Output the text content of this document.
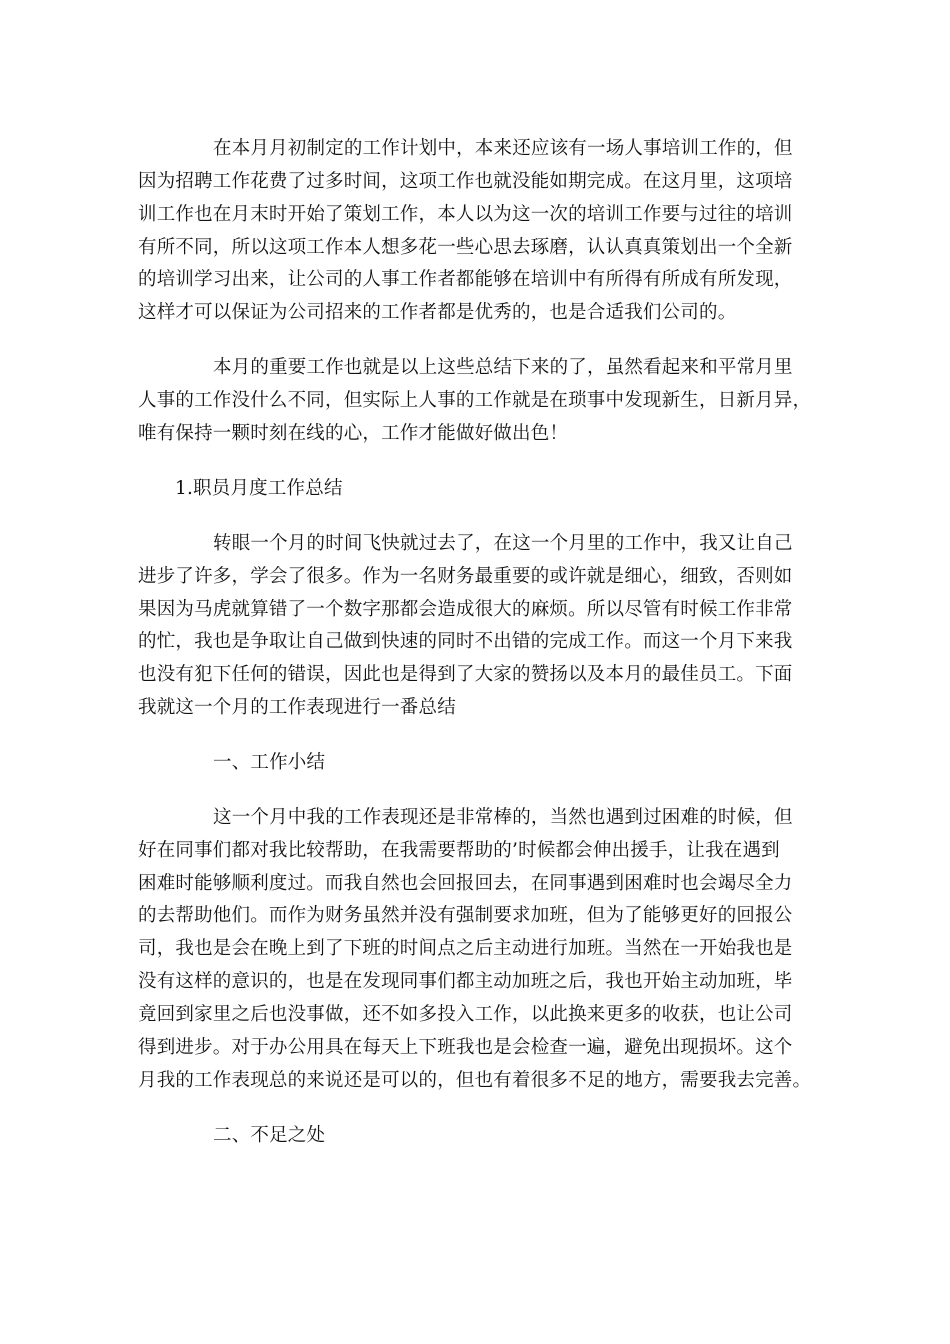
在本月月初制定的工作计划中，本来还应该有一场人事培训工作的，但
因为招聘工作花费了过多时间，这项工作也就没能如期完成。在这月里，这项培
训工作也在月末时开始了策划工作，本人以为这一次的培训工作要与过往的培训
有所不同，所以这项工作本人想多花一些心思去琢磨，认认真真策划出一个全新
的培训学习出来，让公司的人事工作者都能够在培训中有所得有所成有所发现，
这样才可以保证为公司招来的工作者都是优秀的，也是合适我们公司的。
本月的重要工作也就是以上这些总结下来的了，虽然看起来和平常月里
人事的工作没什么不同，但实际上人事的工作就是在琐事中发现新生，日新月异，
唯有保持一颗时刻在线的心，工作才能做好做出色！
1.职员月度工作总结
转眼一个月的时间飞快就过去了，在这一个月里的工作中，我又让自己
进步了许多，学会了很多。作为一名财务最重要的或许就是细心，细致，否则如
果因为马虎就算错了一个数字那都会造成很大的麻烦。所以尽管有时候工作非常
的忙，我也是争取让自己做到快速的同时不出错的完成工作。而这一个月下来我
也没有犯下任何的错误，因此也是得到了大家的赞扬以及本月的最佳员工。下面
我就这一个月的工作表现进行一番总结
一、工作小结
这一个月中我的工作表现还是非常棒的，当然也遇到过困难的时候，但
好在同事们都对我比较帮助，在我需要帮助的’时候都会伸出援手，让我在遇到
困难时能够顺利度过。而我自然也会回报回去，在同事遇到困难时也会竭尽全力
的去帮助他们。而作为财务虽然并没有强制要求加班，但为了能够更好的回报公
司，我也是会在晚上到了下班的时间点之后主动进行加班。当然在一开始我也是
没有这样的意识的，也是在发现同事们都主动加班之后，我也开始主动加班，毕
竟回到家里之后也没事做，还不如多投入工作，以此换来更多的收获，也让公司
得到进步。对于办公用具在每天上下班我也是会检查一遍，避免出现损坏。这个
月我的工作表现总的来说还是可以的，但也有着很多不足的地方，需要我去完善。
二、不足之处
